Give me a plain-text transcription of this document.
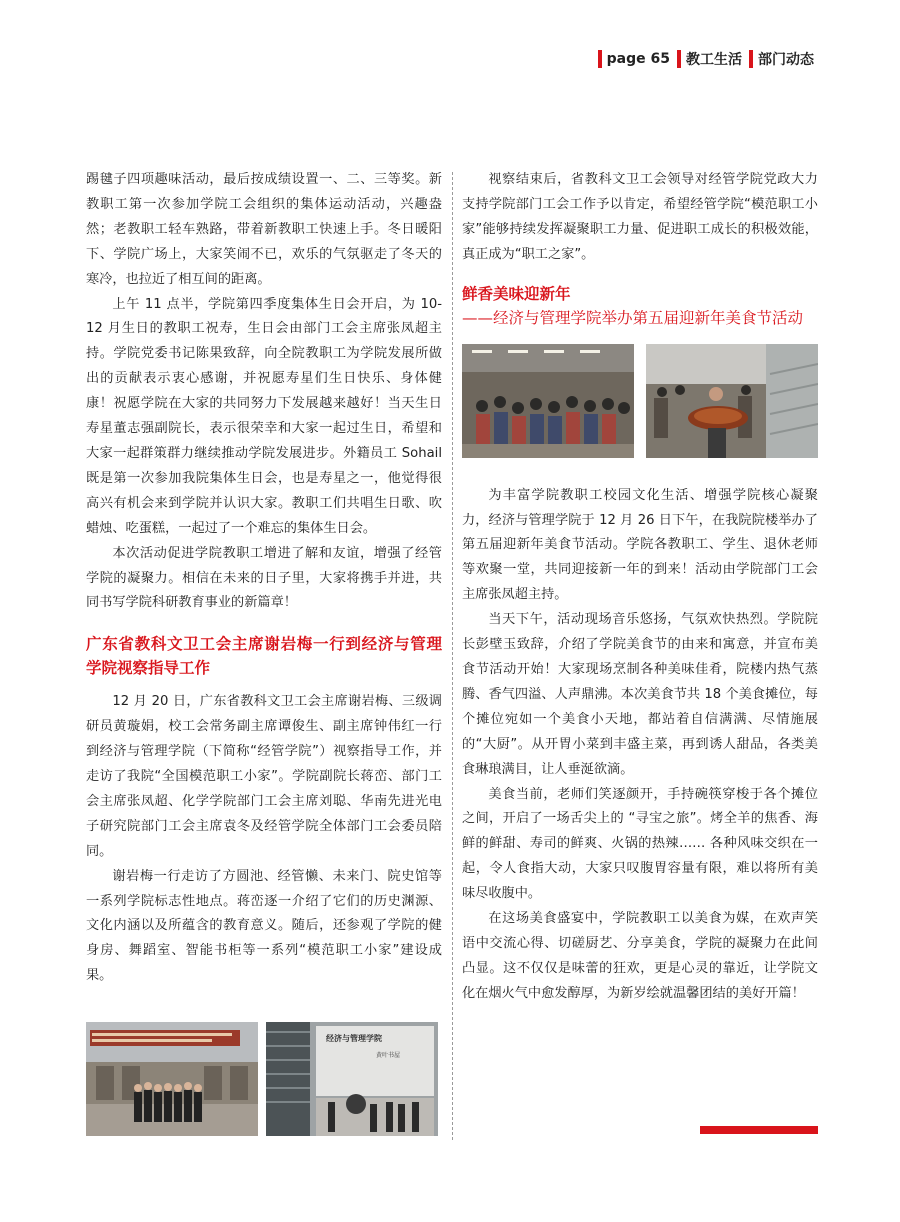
page 65 教工生活 部门动态

踢毽子四项趣味活动，最后按成绩设置一、二、三等奖。新教职工第一次参加学院工会组织的集体运动活动，兴趣盎然；老教职工轻车熟路，带着新教职工快速上手。冬日暖阳下、学院广场上，大家笑闹不已，欢乐的气氛驱走了冬天的寒冷，也拉近了相互间的距离。

上午 11 点半，学院第四季度集体生日会开启，为 10-12 月生日的教职工祝寿，生日会由部门工会主席张凤超主持。学院党委书记陈果致辞，向全院教职工为学院发展所做出的贡献表示衷心感谢，并祝愿寿星们生日快乐、身体健康！祝愿学院在大家的共同努力下发展越来越好！当天生日寿星董志强副院长，表示很荣幸和大家一起过生日，希望和大家一起群策群力继续推动学院发展进步。外籍员工 Sohail 既是第一次参加我院集体生日会，也是寿星之一，他觉得很高兴有机会来到学院并认识大家。教职工们共唱生日歌、吹蜡烛、吃蛋糕，一起过了一个难忘的集体生日会。

本次活动促进学院教职工增进了解和友谊，增强了经管学院的凝聚力。相信在未来的日子里，大家将携手并进，共同书写学院科研教育事业的新篇章！

广东省教科文卫工会主席谢岩梅一行到经济与管理学院视察指导工作

12 月 20 日，广东省教科文卫工会主席谢岩梅、三级调研员黄璇娟，校工会常务副主席谭俊生、副主席钟伟红一行到经济与管理学院（下简称“经管学院”）视察指导工作，并走访了我院“全国模范职工小家”。学院副院长蒋峦、部门工会主席张凤超、化学学院部门工会主席刘聪、华南先进光电子研究院部门工会主席袁冬及经管学院全体部门工会委员陪同。

谢岩梅一行走访了方圆池、经管懒、未来门、院史馆等一系列学院标志性地点。蒋峦逐一介绍了它们的历史渊源、文化内涵以及所蕴含的教育意义。随后，还参观了学院的健身房、舞蹈室、智能书柜等一系列“模范职工小家”建设成果。

经济与管理学院
黄叶书屋

视察结束后，省教科文卫工会领导对经管学院党政大力支持学院部门工会工作予以肯定，希望经管学院“模范职工小家”能够持续发挥凝聚职工力量、促进职工成长的积极效能，真正成为“职工之家”。

鲜香美味迎新年
——经济与管理学院举办第五届迎新年美食节活动

为丰富学院教职工校园文化生活、增强学院核心凝聚力，经济与管理学院于 12 月 26 日下午，在我院院楼举办了第五届迎新年美食节活动。学院各教职工、学生、退休老师等欢聚一堂，共同迎接新一年的到来！活动由学院部门工会主席张凤超主持。

当天下午，活动现场音乐悠扬，气氛欢快热烈。学院院长彭壁玉致辞，介绍了学院美食节的由来和寓意，并宣布美食节活动开始！大家现场烹制各种美味佳肴，院楼内热气蒸腾、香气四溢、人声鼎沸。本次美食节共 18 个美食摊位，每个摊位宛如一个美食小天地，都站着自信满满、尽情施展的“大厨”。从开胃小菜到丰盛主菜，再到诱人甜品，各类美食琳琅满目，让人垂涎欲滴。

美食当前，老师们笑逐颜开，手持碗筷穿梭于各个摊位之间，开启了一场舌尖上的 “寻宝之旅”。烤全羊的焦香、海鲜的鲜甜、寿司的鲜爽、火锅的热辣…… 各种风味交织在一起，令人食指大动，大家只叹腹胃容量有限，难以将所有美味尽收腹中。

在这场美食盛宴中，学院教职工以美食为媒，在欢声笑语中交流心得、切磋厨艺、分享美食，学院的凝聚力在此间凸显。这不仅仅是味蕾的狂欢，更是心灵的靠近，让学院文化在烟火气中愈发醇厚，为新岁绘就温馨团结的美好开篇！
